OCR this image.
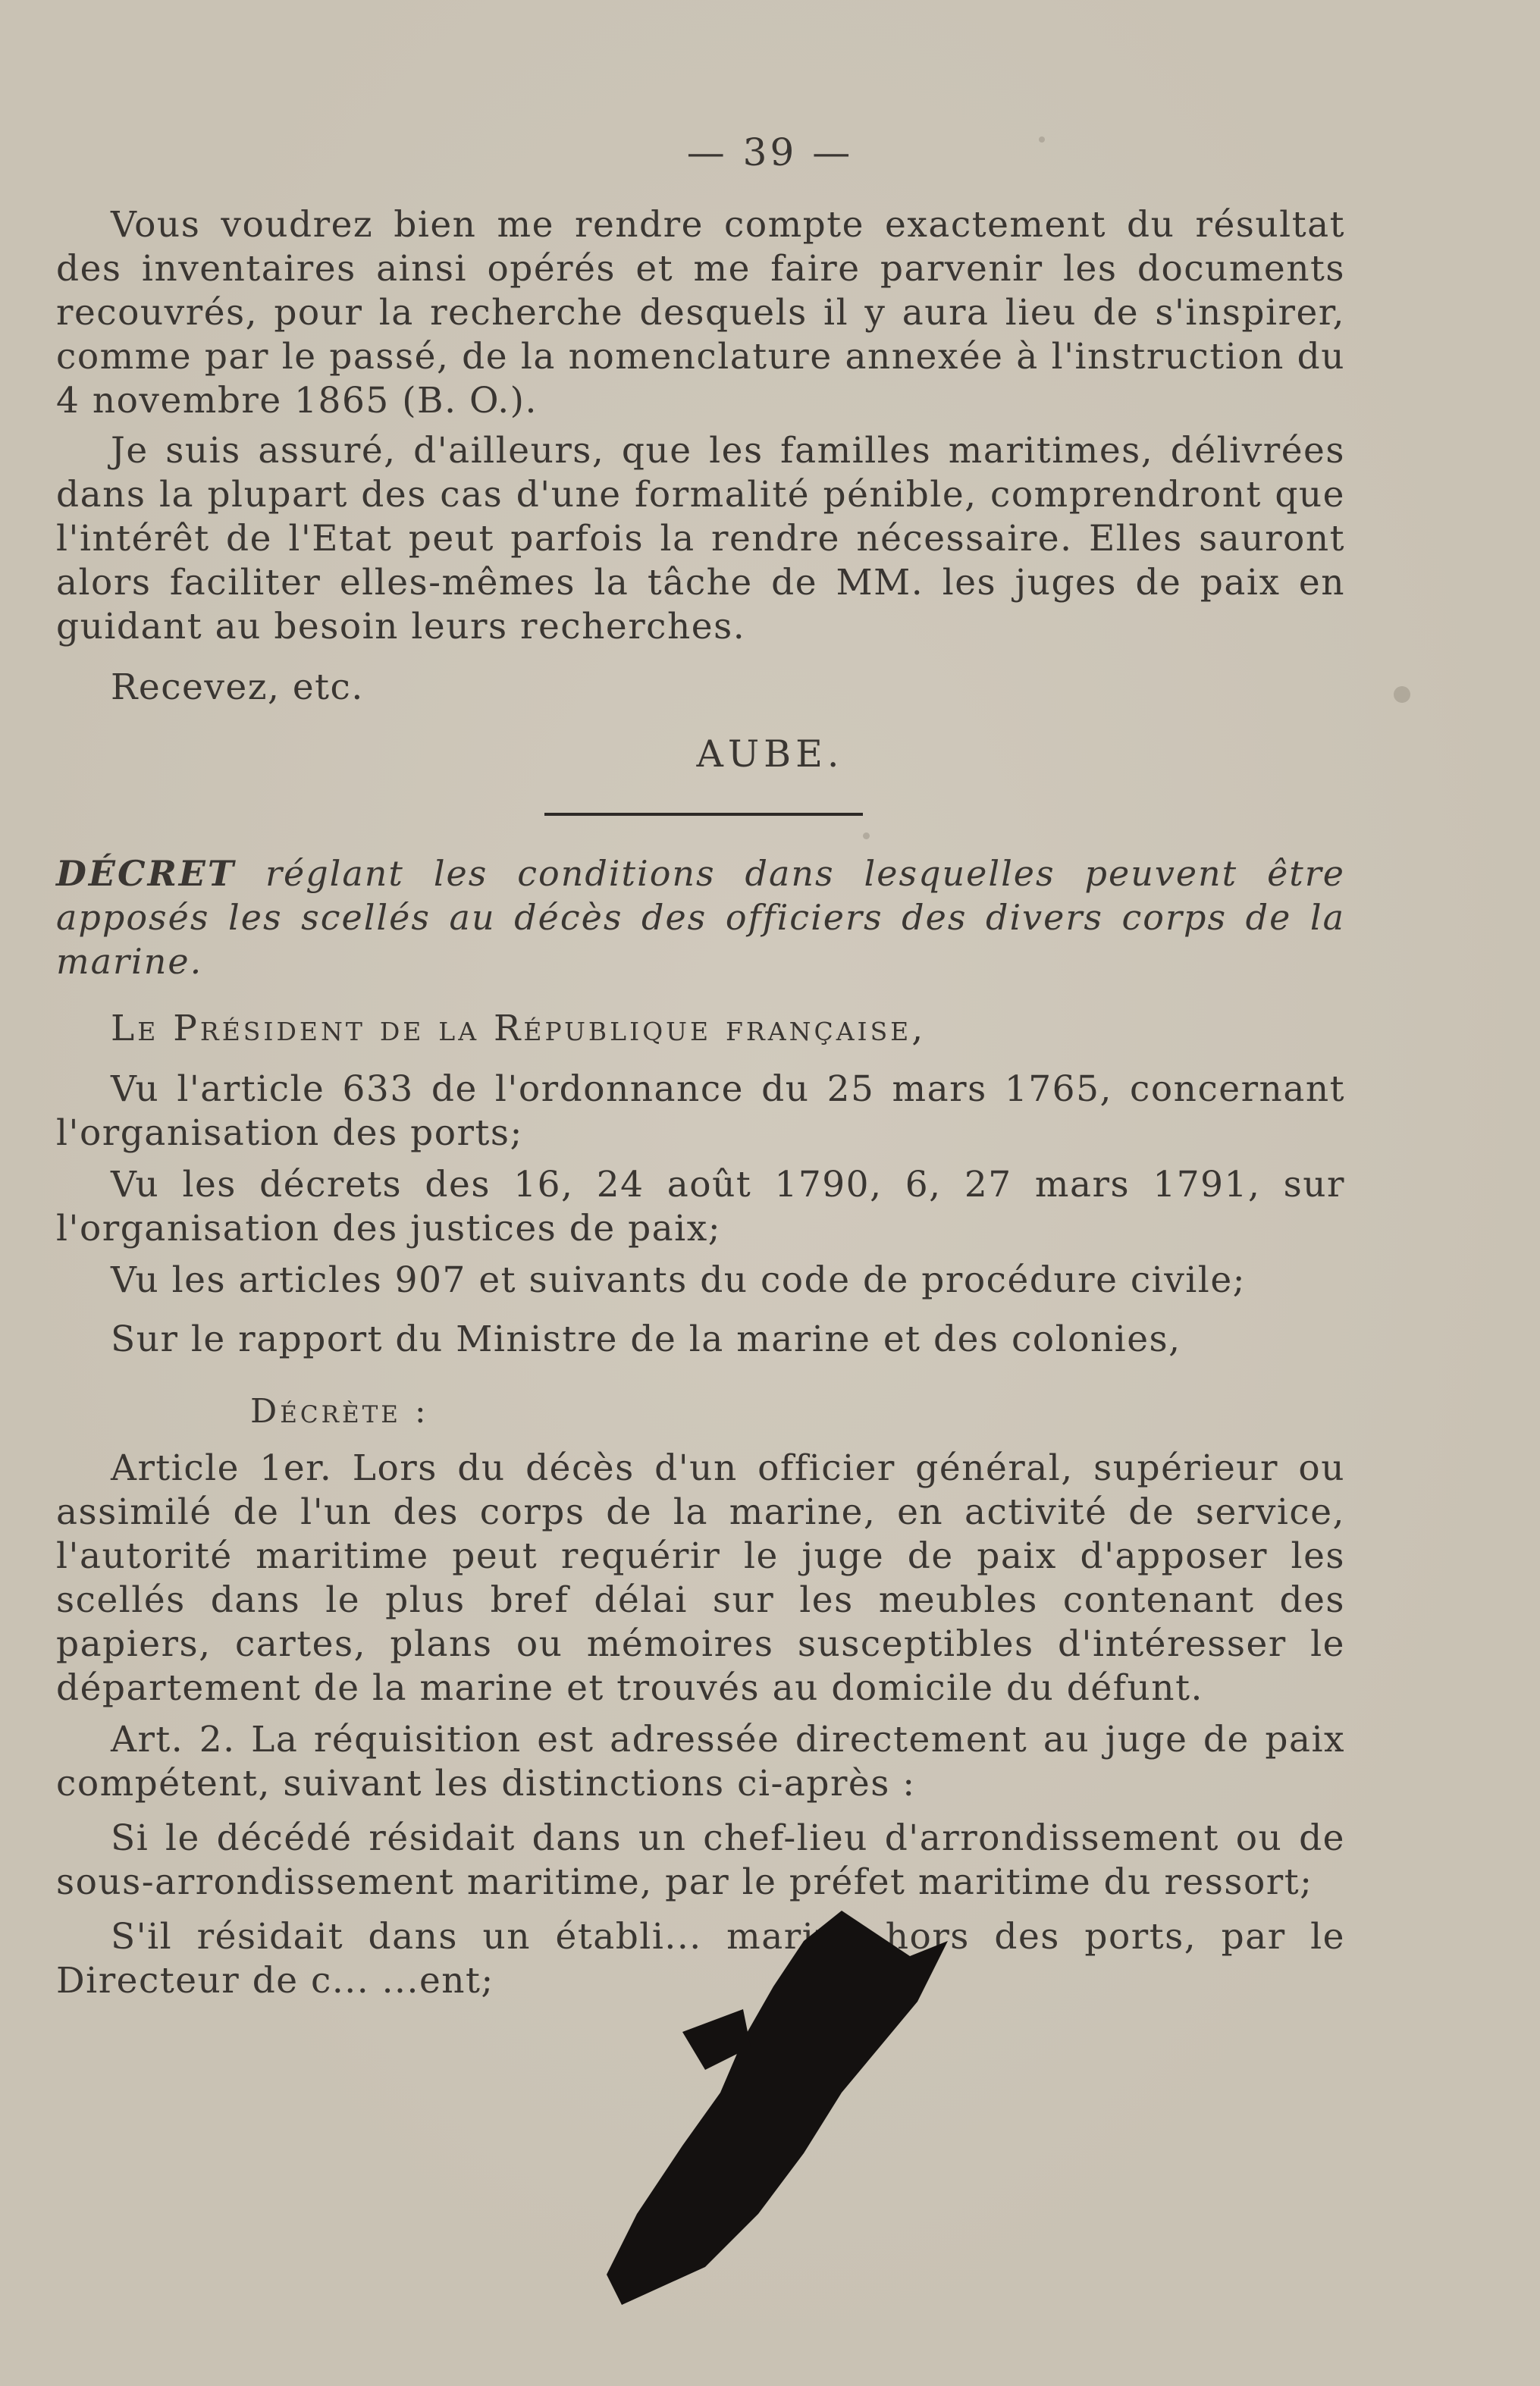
— 39 —

Vous voudrez bien me rendre compte exactement du résultat des inventaires ainsi opérés et me faire parvenir les documents recouvrés, pour la recherche desquels il y aura lieu de s'inspirer, comme par le passé, de la nomenclature annexée à l'instruction du 4 novembre 1865 (B. O.).

Je suis assuré, d'ailleurs, que les familles maritimes, délivrées dans la plupart des cas d'une formalité pénible, comprendront que l'intérêt de l'Etat peut parfois la rendre nécessaire. Elles sauront alors faciliter elles-mêmes la tâche de MM. les juges de paix en guidant au besoin leurs recherches.

Recevez, etc.

AUBE.
DÉCRET réglant les conditions dans lesquelles peuvent être apposés les scellés au décès des officiers des divers corps de la marine.

Le Président de la République française,

Vu l'article 633 de l'ordonnance du 25 mars 1765, concernant l'organisation des ports;

Vu les décrets des 16, 24 août 1790, 6, 27 mars 1791, sur l'organisation des justices de paix;

Vu les articles 907 et suivants du code de procédure civile;

Sur le rapport du Ministre de la marine et des colonies,

Décrète :

Article 1er. Lors du décès d'un officier général, supérieur ou assimilé de l'un des corps de la marine, en activité de service, l'autorité maritime peut requérir le juge de paix d'apposer les scellés dans le plus bref délai sur les meubles contenant des papiers, cartes, plans ou mémoires susceptibles d'intéresser le département de la marine et trouvés au domicile du défunt.

Art. 2. La réquisition est adressée directement au juge de paix compétent, suivant les distinctions ci-après :

Si le décédé résidait dans un chef-lieu d'arrondissement ou de sous-arrondissement maritime, par le préfet maritime du ressort;

S'il résidait dans un établi... marine hors des ports, par le Directeur de c... ...ent;
